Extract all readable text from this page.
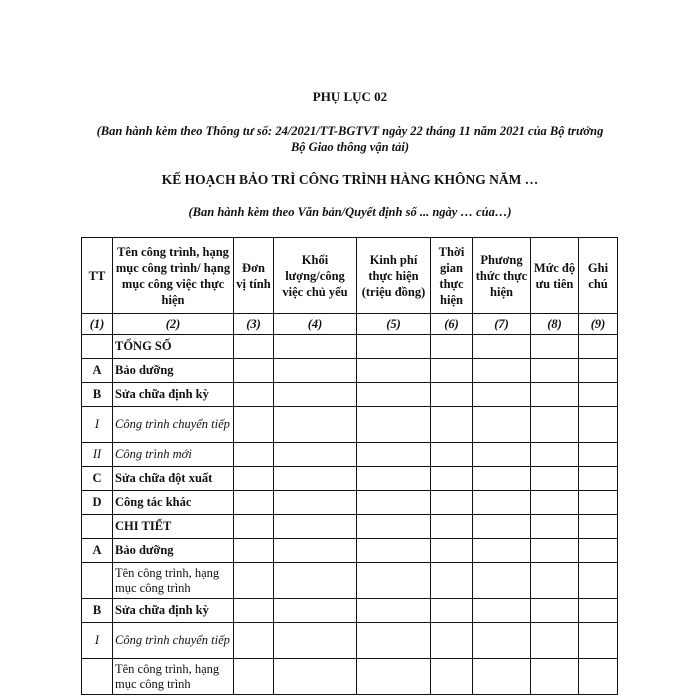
PHỤ LỤC 02
(Ban hành kèm theo Thông tư số: 24/2021/TT-BGTVT ngày 22 tháng 11 năm 2021 của Bộ trưởng Bộ Giao thông vận tải)
KẾ HOẠCH BẢO TRÌ CÔNG TRÌNH HÀNG KHÔNG NĂM …
(Ban hành kèm theo Văn bản/Quyết định số ... ngày … của…)
TT	Tên công trình, hạng mục công trình/ hạng mục công việc thực hiện	Đơn vị tính	Khối lượng/công việc chủ yếu	Kinh phí thực hiện (triệu đồng)	Thời gian thực hiện	Phương thức thực hiện	Mức độ ưu tiên	Ghi chú
(1)	(2)	(3)	(4)	(5)	(6)	(7)	(8)	(9)
	TỔNG SỐ							
A	Bảo dưỡng							
B	Sửa chữa định kỳ							
I	Công trình chuyển tiếp							
II	Công trình mới							
C	Sửa chữa đột xuất							
D	Công tác khác							
	CHI TIẾT							
A	Bảo dưỡng							
	Tên công trình, hạng mục công trình							
B	Sửa chữa định kỳ							
I	Công trình chuyển tiếp							
	Tên công trình, hạng mục công trình							
